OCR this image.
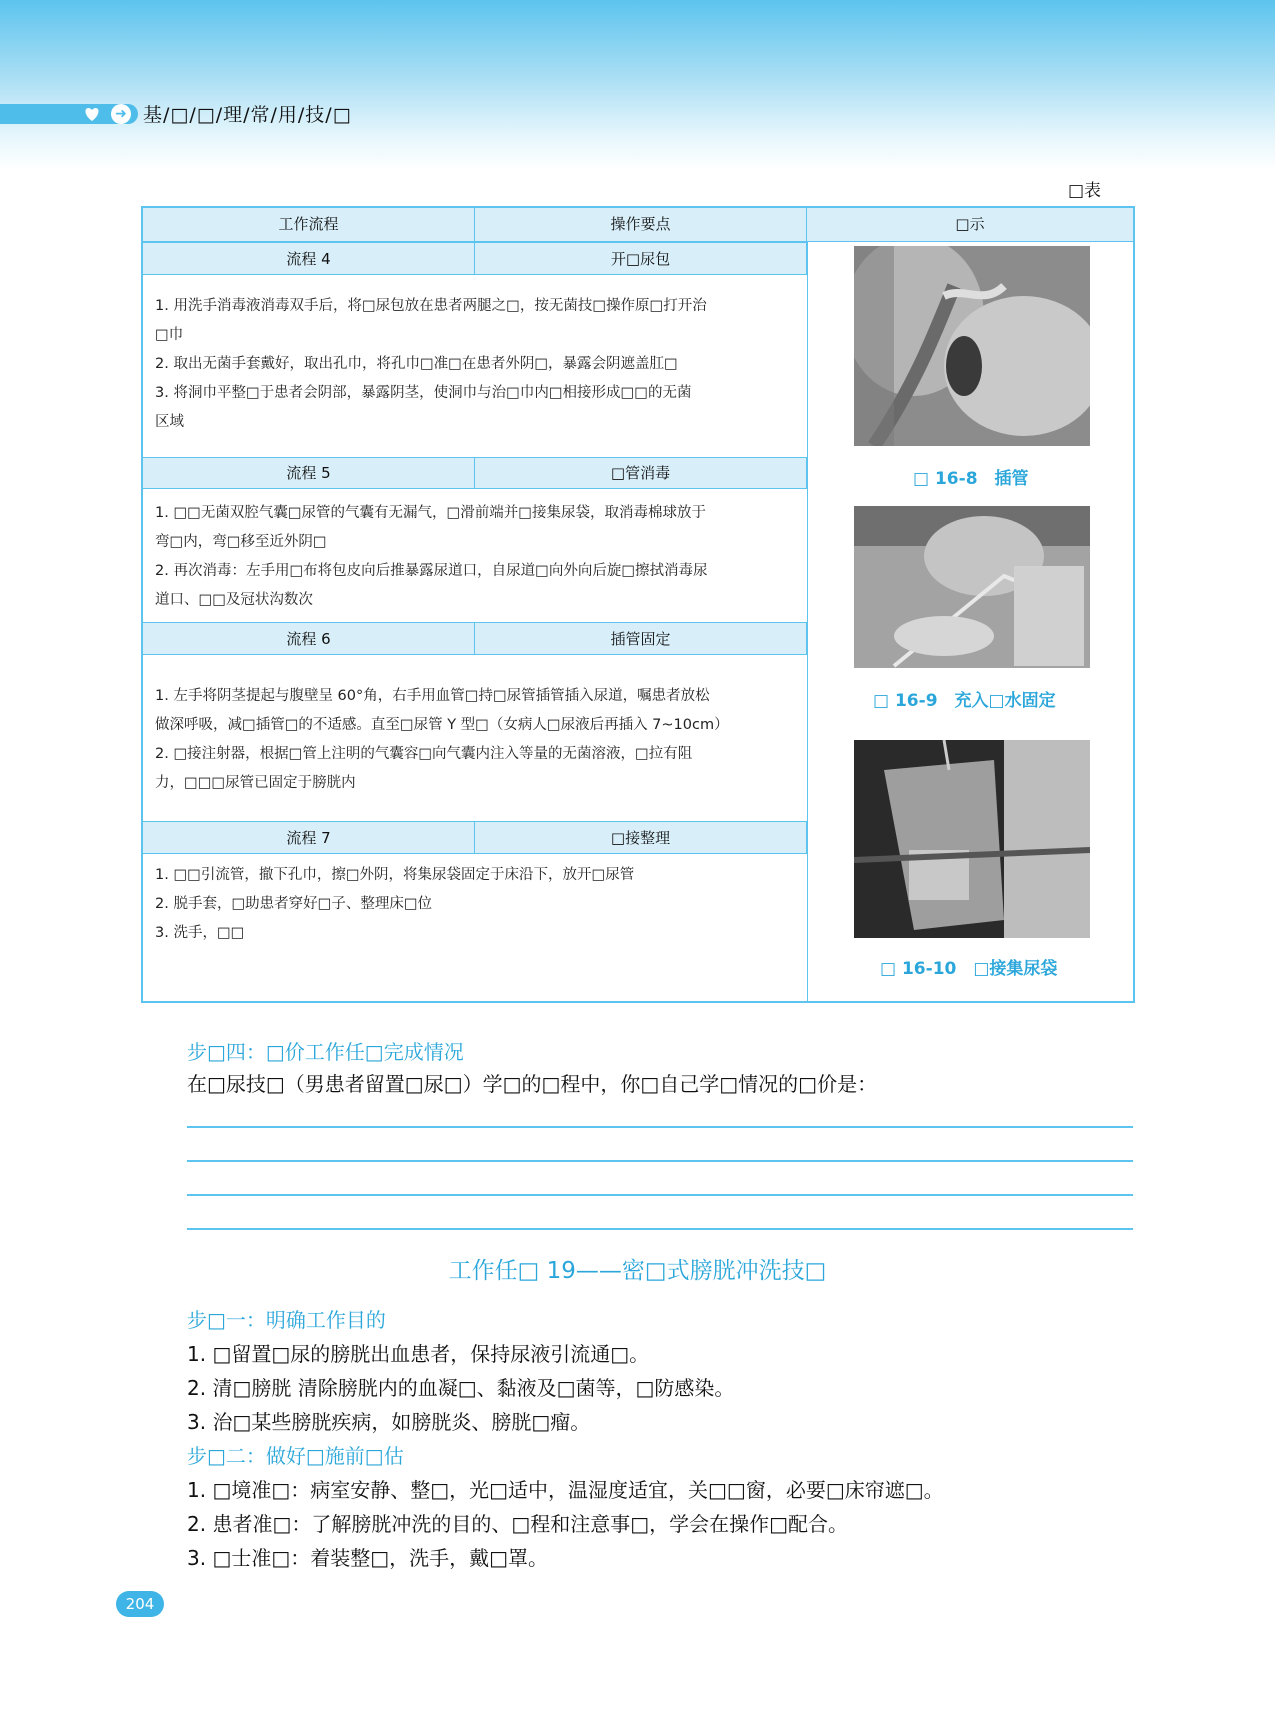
➜ 基/□/□/理/常/用/技/□
□表
工作流程	操作要点	□示
流程 4	开□尿包

1. 用洗手消毒液消毒双手后，将□尿包放在患者两腿之□，按无菌技□操作原□打开治

□巾

2. 取出无菌手套戴好，取出孔巾，将孔巾□准□在患者外阴□，暴露会阴遮盖肛□

3. 将洞巾平整□于患者会阴部，暴露阴茎，使洞巾与治□巾内□相接形成□□的无菌

区域

流程 5	□管消毒

1. □□无菌双腔气囊□尿管的气囊有无漏气，□滑前端并□接集尿袋，取消毒棉球放于

弯□内，弯□移至近外阴□

2. 再次消毒：左手用□布将包皮向后推暴露尿道口，自尿道□向外向后旋□擦拭消毒尿

道口、□□及冠状沟数次

流程 6	插管固定

1. 左手将阴茎提起与腹壁呈 60°角，右手用血管□持□尿管插管插入尿道，嘱患者放松

做深呼吸，减□插管□的不适感。直至□尿管 Y 型□（女病人□尿液后再插入 7~10cm）

2. □接注射器，根据□管上注明的气囊容□向气囊内注入等量的无菌溶液，□拉有阻

力，□□□尿管已固定于膀胱内

流程 7	□接整理

1. □□引流管，撤下孔巾，擦□外阴，将集尿袋固定于床沿下，放开□尿管

2. 脱手套，□助患者穿好□子、整理床□位

3. 洗手，□□

□ 16-8　插管
□ 16-9　充入□水固定
□ 16-10　□接集尿袋
步□四：□价工作任□完成情况
在□尿技□（男患者留置□尿□）学□的□程中，你□自己学□情况的□价是：
工作任□ 19——密□式膀胱冲洗技□
步□一：明确工作目的
1. □留置□尿的膀胱出血患者，保持尿液引流通□。
2. 清□膀胱 清除膀胱内的血凝□、黏液及□菌等，□防感染。
3. 治□某些膀胱疾病，如膀胱炎、膀胱□瘤。
步□二：做好□施前□估
1. □境准□：病室安静、整□，光□适中，温湿度适宜，关□□窗，必要□床帘遮□。
2. 患者准□：了解膀胱冲洗的目的、□程和注意事□，学会在操作□配合。
3. □士准□：着装整□，洗手，戴□罩。
204
